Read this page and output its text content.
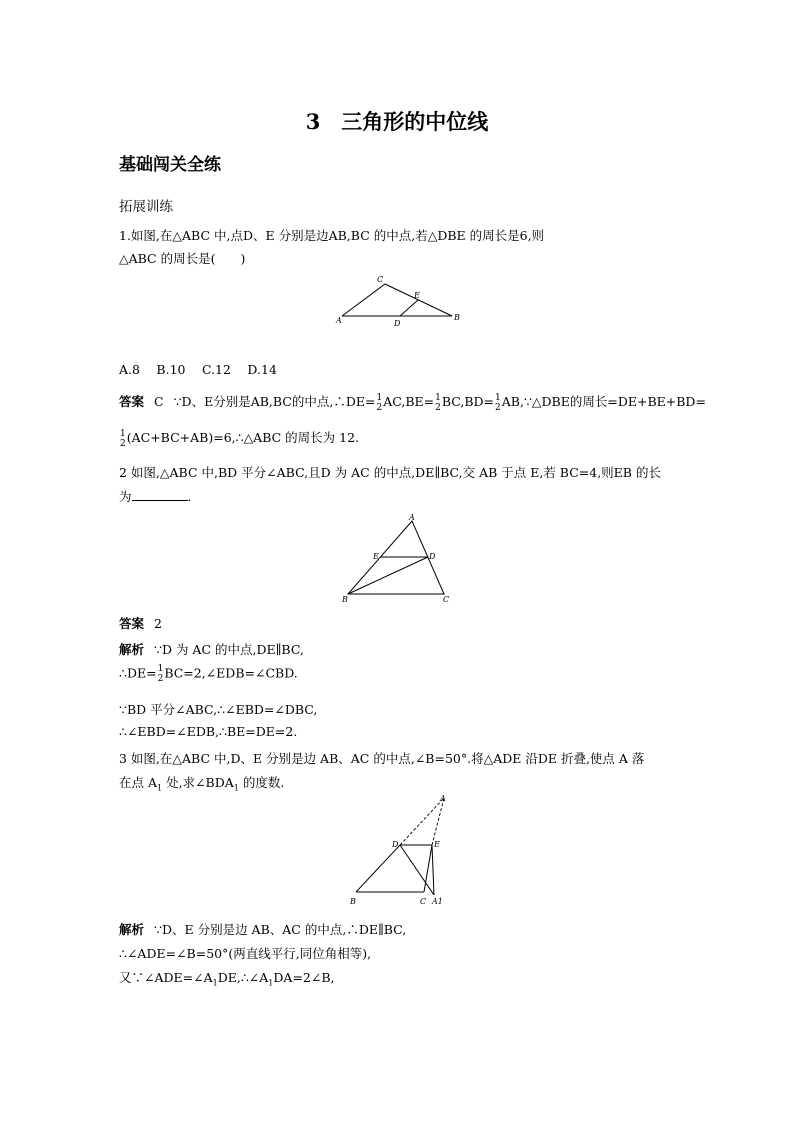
3　三角形的中位线
基础闯关全练
拓展训练
1.如图,在△ABC 中,点D、E 分别是边AB,BC 的中点,若△DBE 的周长是6,则
△ABC 的周长是(　　)
C
E
A	D
B
A.8　 B.10　 C.12　 D.14
答案 C ∵D、E分别是AB,BC的中点,∴DE= 1
2 AC,BE= 1
2 BC,BD= 1
2 AB,∵△DBE的周长=DE+BE+BD=
1
2 (AC+BC+AB)=6,∴△ABC 的周长为 12.
2 如图,△ABC 中,BD 平分∠ABC,且D 为 AC 的中点,DE∥BC,交 AB 于点 E,若 BC=4,则EB 的长
为	.
A
E	D
B	C
答案 2
解析 ∵D 为 AC 的中点,DE∥BC,
∴DE= 1
2 BC=2,∠EDB=∠CBD.
∵BD 平分∠ABC,∴∠EBD=∠DBC,
∴∠EBD=∠EDB,∴BE=DE=2.
3 如图,在△ABC 中,D、E 分别是边 AB、AC 的中点,∠B=50°.将△ADE 沿DE 折叠,使点 A 落
在点 $A_1$ 处,求$\angle BDA_1$ 的度数.
A
D	E
B	C A1
解析 ∵D、E 分别是边 AB、AC 的中点,∴DE∥BC,
∴∠ADE=∠B=50°(两直线平行,同位角相等),
又$\because\angle ADE=\angle A_1DE,\therefore\angle A_1DA=2\angle B$,
